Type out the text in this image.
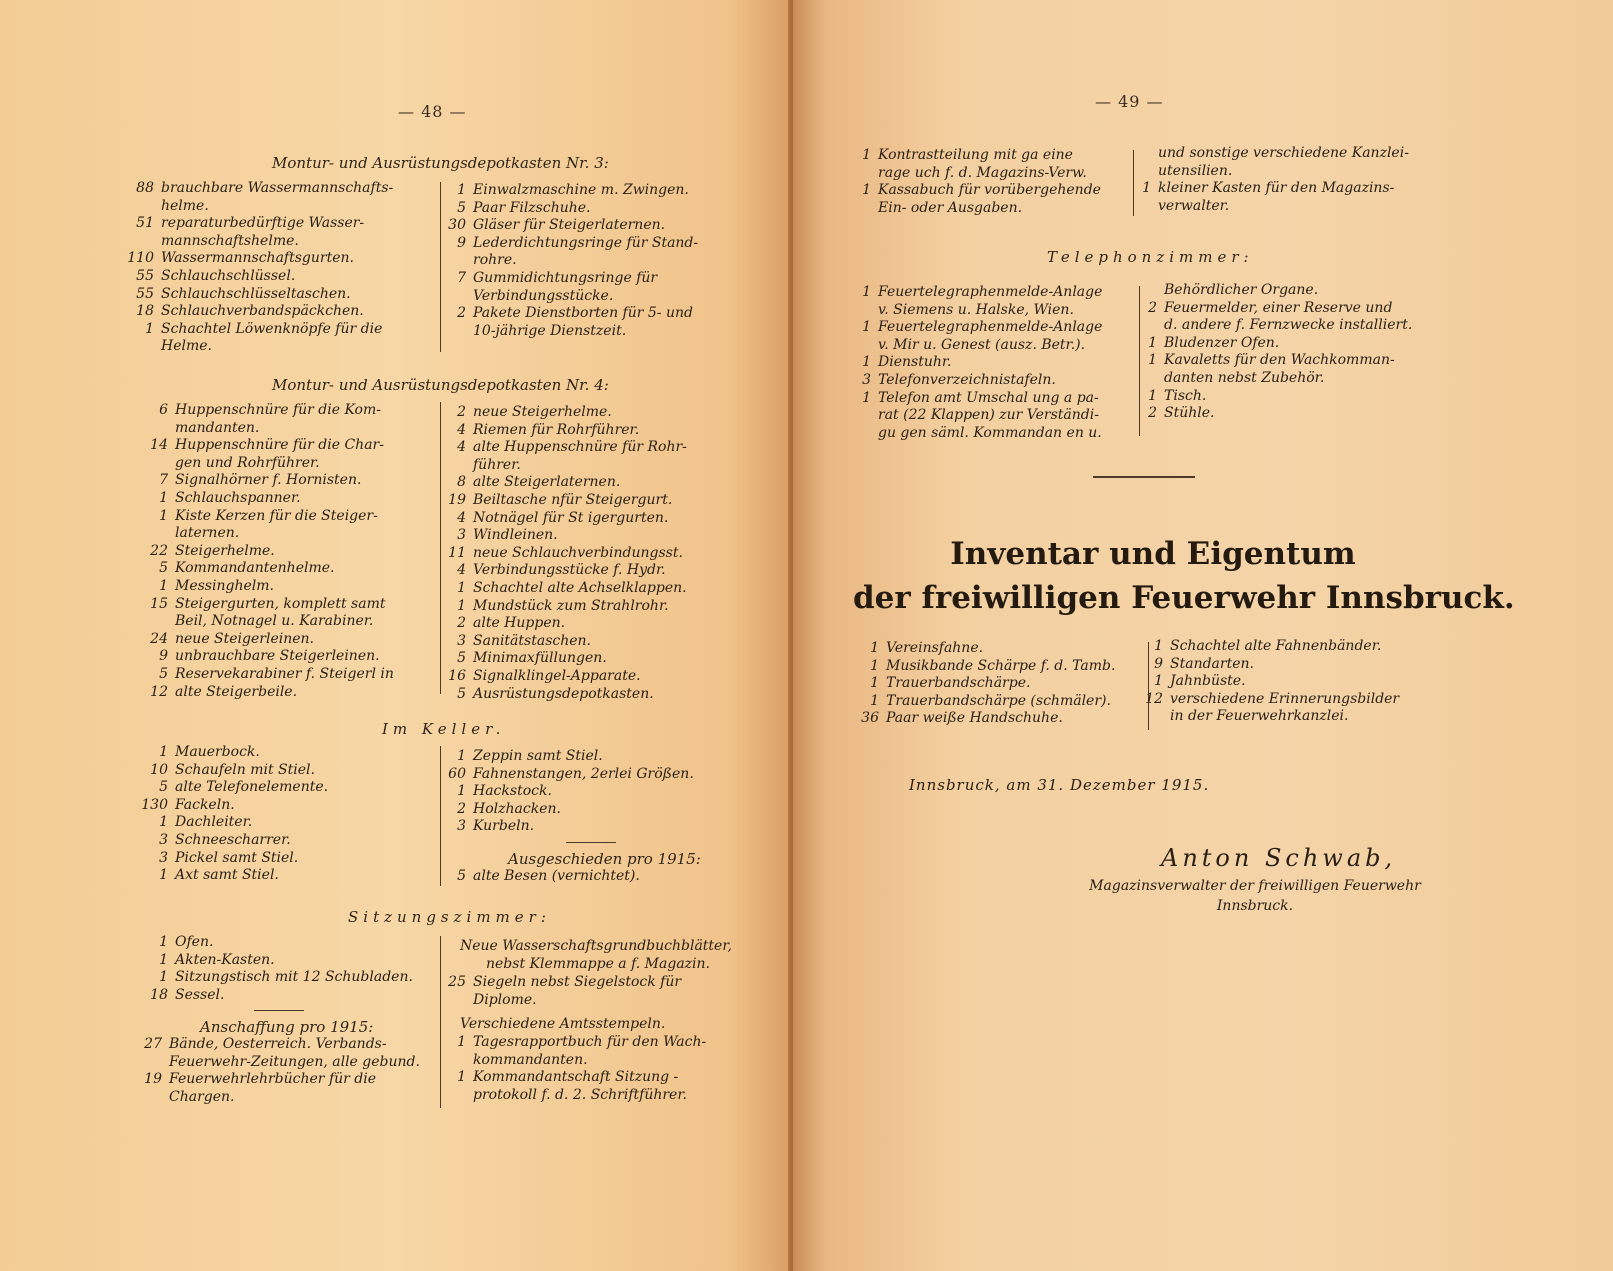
— 48 —
Montur- und Ausrüstungsdepotkasten Nr. 3:
88 brauchbare Wassermannschafts-
helme.
51 reparaturbedürftige Wasser-
mannschaftshelme.
110 Wassermannschaftsgurten.
55 Schlauchschlüssel.
55 Schlauchschlüsseltaschen.
18 Schlauchverbandspäckchen.
1 Schachtel Löwenknöpfe für die
Helme.
1 Einwalzmaschine m. Zwingen.
5 Paar Filzschuhe.
30 Gläser für Steigerlaternen.
9 Lederdichtungsringe für Stand-
rohre.
7 Gummidichtungsringe für
Verbindungsstücke.
2 Pakete Dienstborten für 5- und
10-jährige Dienstzeit.
Montur- und Ausrüstungsdepotkasten Nr. 4:
6 Huppenschnüre für die Kom-
mandanten.
14 Huppenschnüre für die Char-
gen und Rohrführer.
7 Signalhörner f. Hornisten.
1 Schlauchspanner.
1 Kiste Kerzen für die Steiger-
laternen.
22 Steigerhelme.
5 Kommandantenhelme.
1 Messinghelm.
15 Steigergurten, komplett samt
Beil, Notnagel u. Karabiner.
24 neue Steigerleinen.
9 unbrauchbare Steigerleinen.
5 Reservekarabiner f. Steigerl in
12 alte Steigerbeile.
2 neue Steigerhelme.
4 Riemen für Rohrführer.
4 alte Huppenschnüre für Rohr-
führer.
8 alte Steigerlaternen.
19 Beiltasche nfür Steigergurt.
4 Notnägel für St igergurten.
3 Windleinen.
11 neue Schlauchverbindungsst.
4 Verbindungsstücke f. Hydr.
1 Schachtel alte Achselklappen.
1 Mundstück zum Strahlrohr.
2 alte Huppen.
3 Sanitätstaschen.
5 Minimaxfüllungen.
16 Signalklingel-Apparate.
5 Ausrüstungsdepotkasten.
Im Keller.
1 Mauerbock.
10 Schaufeln mit Stiel.
5 alte Telefonelemente.
130 Fackeln.
1 Dachleiter.
3 Schneescharrer.
3 Pickel samt Stiel.
1 Axt samt Stiel.
1 Zeppin samt Stiel.
60 Fahnenstangen, 2erlei Größen.
1 Hackstock.
2 Holzhacken.
3 Kurbeln.
Ausgeschieden pro 1915:
5 alte Besen (vernichtet).
Sitzungszimmer:
1 Ofen.
1 Akten-Kasten.
1 Sitzungstisch mit 12 Schubladen.
18 Sessel.
Anschaffung pro 1915:
27 Bände, Oesterreich. Verbands-
Feuerwehr-Zeitungen, alle gebund.
19 Feuerwehrlehrbücher für die
Chargen.
Neue Wasserschaftsgrundbuchblätter,
nebst Klemmappe a f. Magazin.
25 Siegeln nebst Siegelstock für
Diplome.
Verschiedene Amtsstempeln.
1 Tagesrapportbuch für den Wach-
kommandanten.
1 Kommandantschaft Sitzung -
protokoll f. d. 2. Schriftführer.
— 49 —
1 Kontrastteilung mit ga eine
rage uch f. d. Magazins-Verw.
1 Kassabuch für vorübergehende
Ein- oder Ausgaben.
und sonstige verschiedene Kanzlei-
utensilien.
1 kleiner Kasten für den Magazins-
verwalter.
Telephonzimmer:
1 Feuertelegraphenmelde-Anlage
v. Siemens u. Halske, Wien.
1 Feuertelegraphenmelde-Anlage
v. Mir u. Genest (ausz. Betr.).
1 Dienstuhr.
3 Telefonverzeichnistafeln.
1 Telefon amt Umschal ung a pa-
rat (22 Klappen) zur Verständi-
gu gen säml. Kommandan en u.
Behördlicher Organe.
2 Feuermelder, einer Reserve und
d. andere f. Fernzwecke installiert.
1 Bludenzer Ofen.
1 Kavaletts für den Wachkomman-
danten nebst Zubehör.
1 Tisch.
2 Stühle.
Inventar und Eigentum
der freiwilligen Feuerwehr Innsbruck.
1 Vereinsfahne.
1 Musikbande Schärpe f. d. Tamb.
1 Trauerbandschärpe.
1 Trauerbandschärpe (schmäler).
36 Paar weiße Handschuhe.
1 Schachtel alte Fahnenbänder.
9 Standarten.
1 Jahnbüste.
12 verschiedene Erinnerungsbilder
in der Feuerwehrkanzlei.
Innsbruck, am 31. Dezember 1915.
Anton Schwab,
Magazinsverwalter der freiwilligen Feuerwehr
Innsbruck.
